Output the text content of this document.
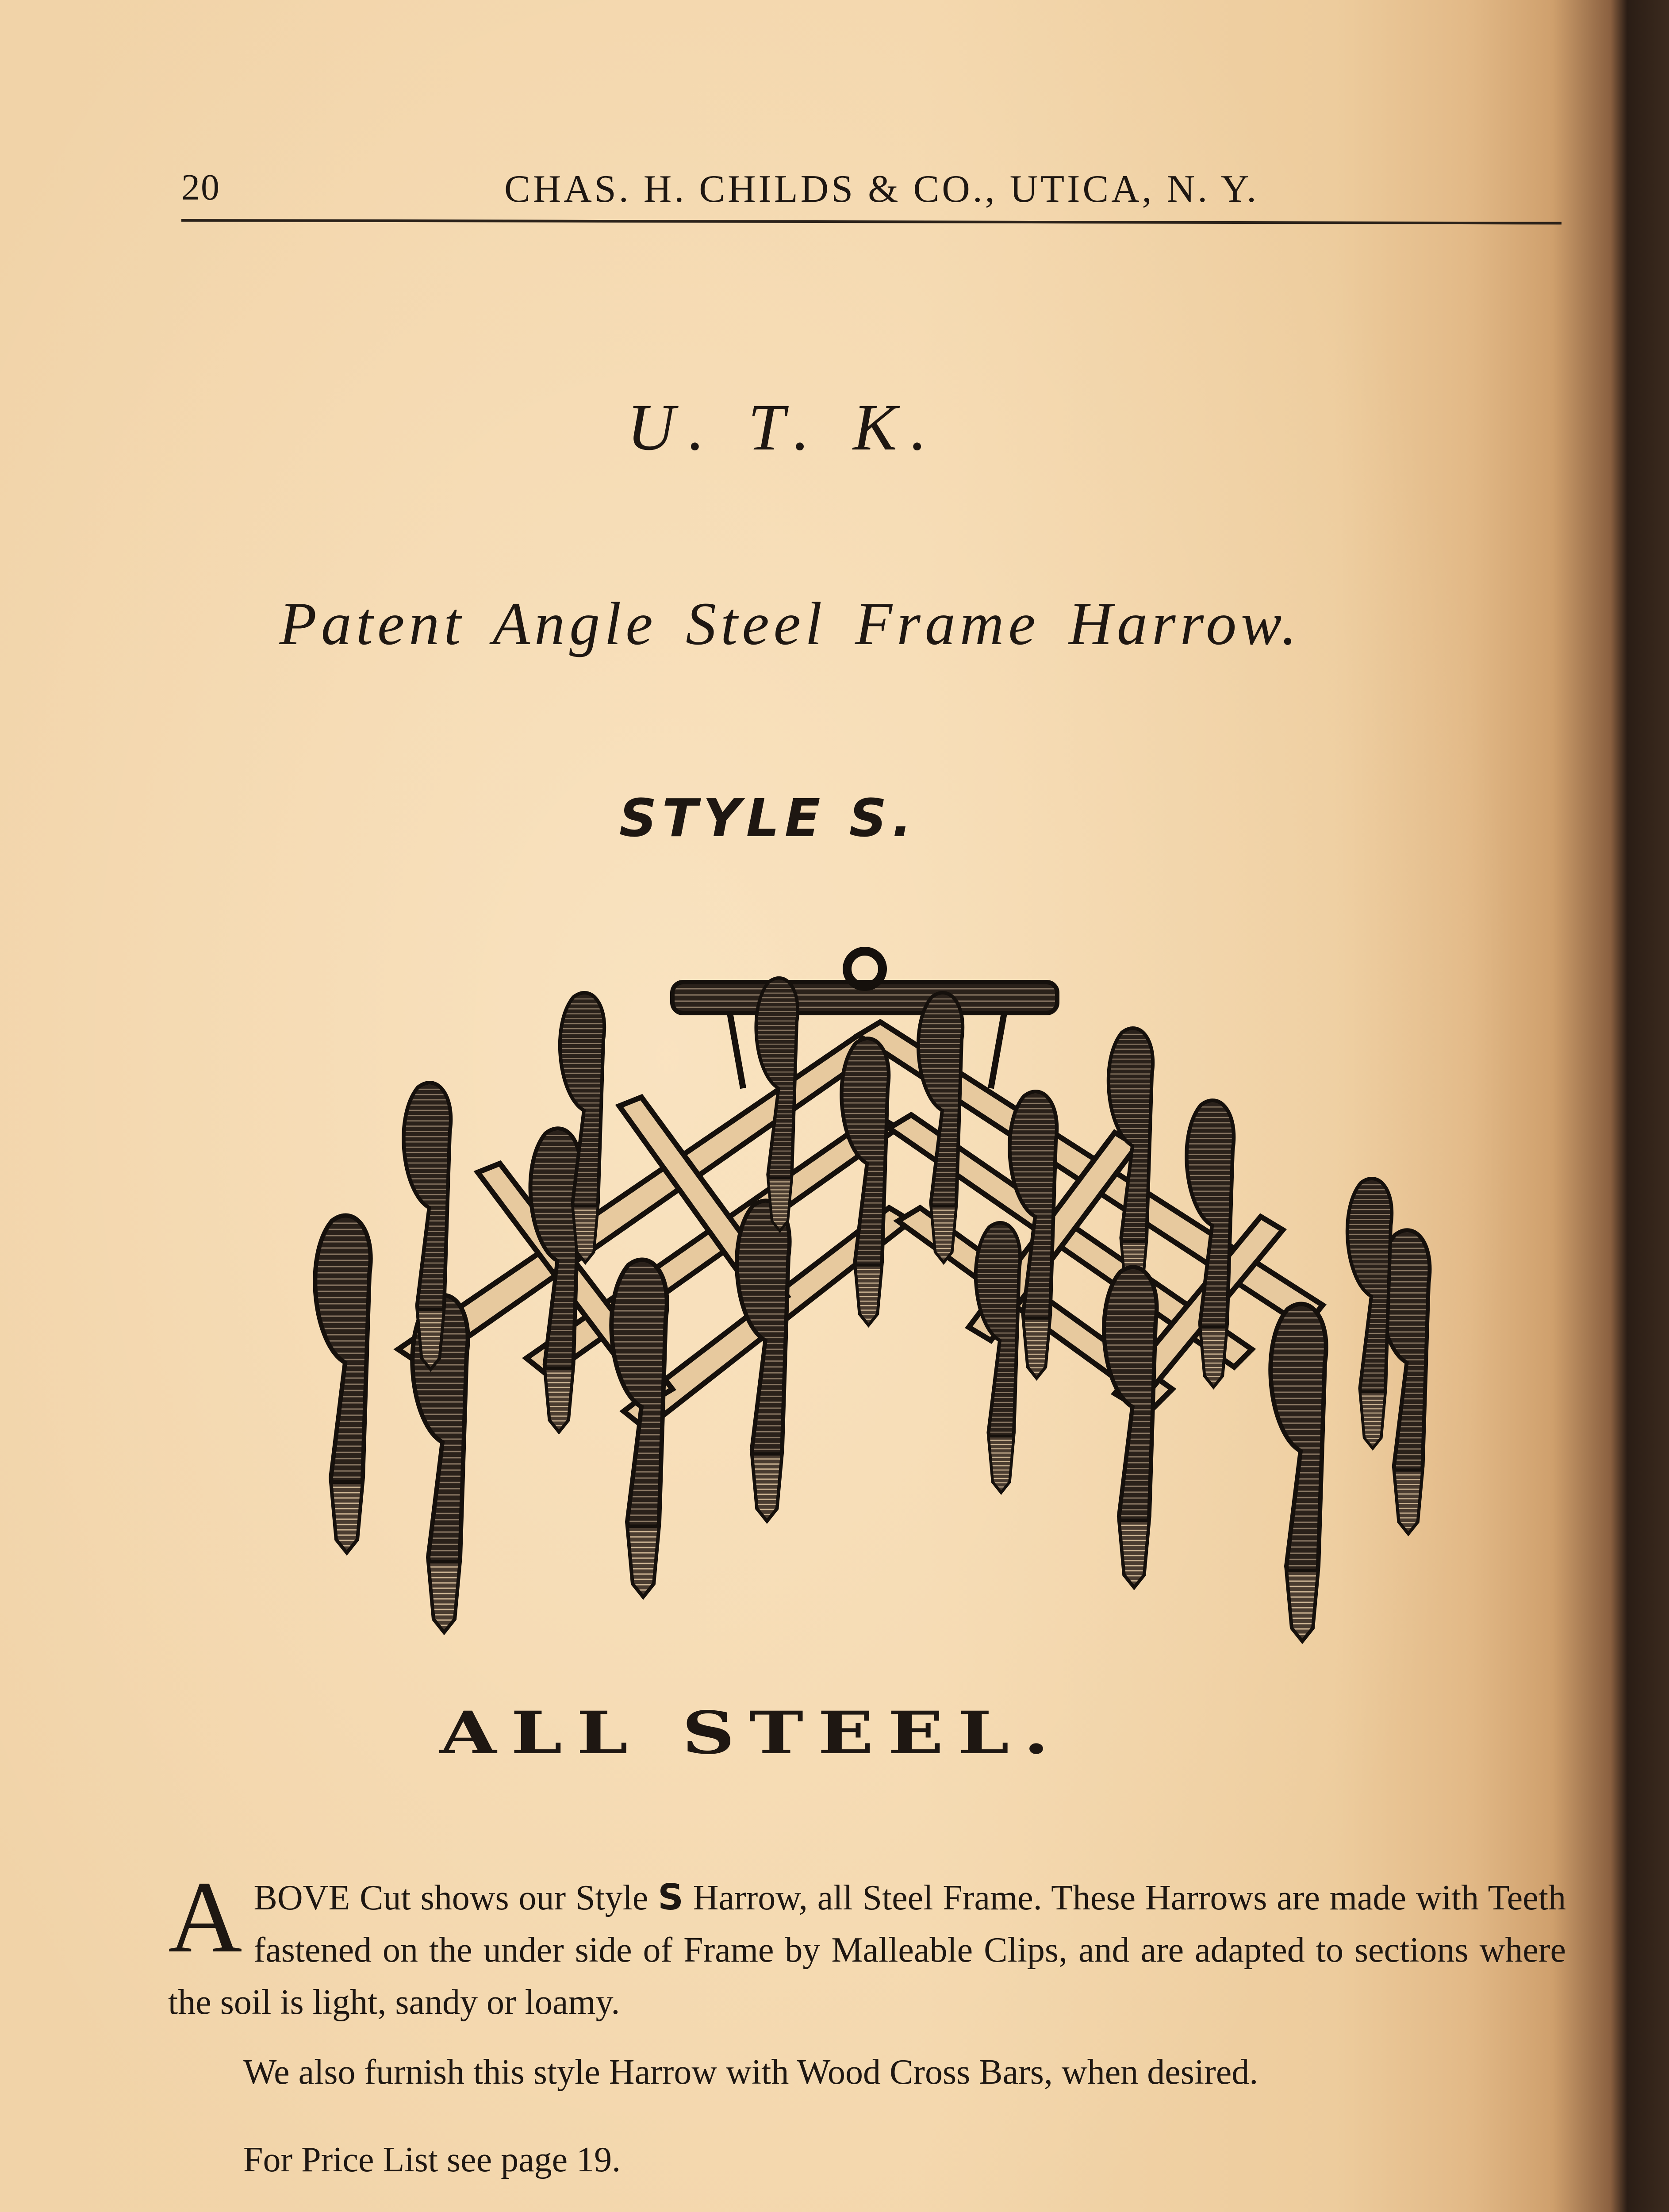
20	CHAS. H. CHILDS & CO., UTICA, N. Y.
U. T. K.
Patent Angle Steel Frame Harrow.
STYLE S.
ALL STEEL.

A BOVE Cut shows our Style S Harrow, all Steel Frame. These Harrows are made with Teeth fastened on the under side of Frame by Malleable Clips, and are adapted to sections where the soil is light, sandy or loamy.

We also furnish this style Harrow with Wood Cross Bars, when desired.

For Price List see page 19.
